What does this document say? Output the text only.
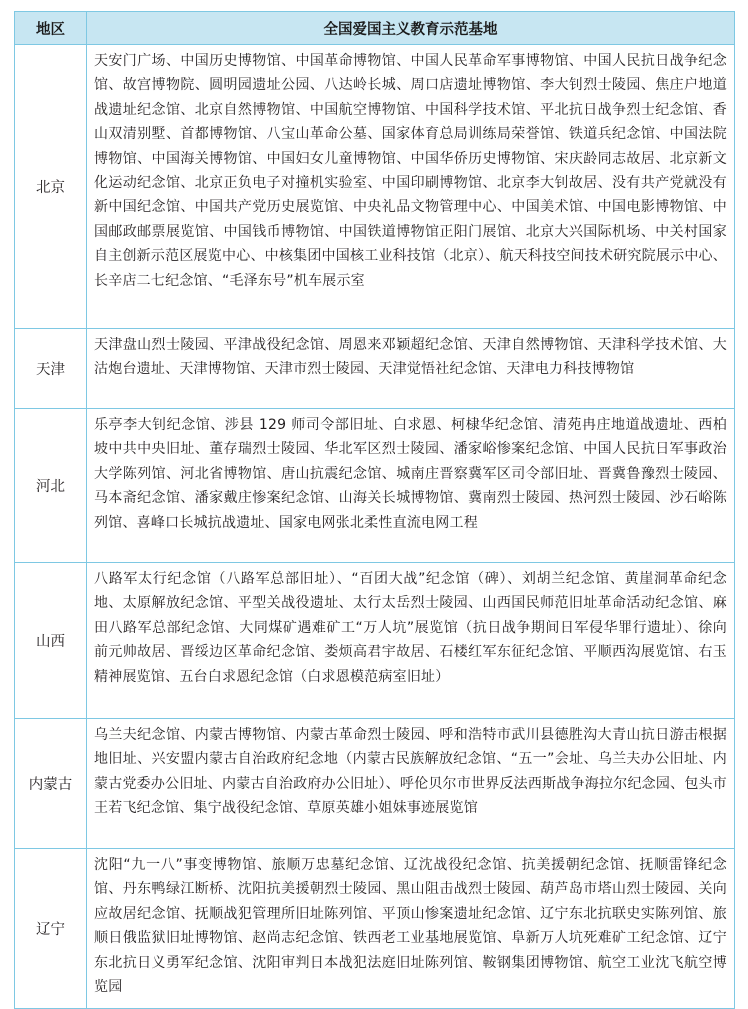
地区	全国爱国主义教育示范基地
北京	天安门广场、中国历史博物馆、中国革命博物馆、中国人民革命军事博物馆、中国人民抗日战争纪念馆、故宫博物院、圆明园遗址公园、八达岭长城、周口店遗址博物馆、李大钊烈士陵园、焦庄户地道战遗址纪念馆、北京自然博物馆、中国航空博物馆、中国科学技术馆、平北抗日战争烈士纪念馆、香山双清别墅、首都博物馆、八宝山革命公墓、国家体育总局训练局荣誉馆、铁道兵纪念馆、中国法院博物馆、中国海关博物馆、中国妇女儿童博物馆、中国华侨历史博物馆、宋庆龄同志故居、北京新文化运动纪念馆、北京正负电子对撞机实验室、中国印刷博物馆、北京李大钊故居、没有共产党就没有新中国纪念馆、中国共产党历史展览馆、中央礼品文物管理中心、中国美术馆、中国电影博物馆、中国邮政邮票展览馆、中国钱币博物馆、中国铁道博物馆正阳门展馆、北京大兴国际机场、中关村国家自主创新示范区展览中心、中核集团中国核工业科技馆（北京）、航天科技空间技术研究院展示中心、长辛店二七纪念馆、“毛泽东号”机车展示室
天津	天津盘山烈士陵园、平津战役纪念馆、周恩来邓颖超纪念馆、天津自然博物馆、天津科学技术馆、大沽炮台遗址、天津博物馆、天津市烈士陵园、天津觉悟社纪念馆、天津电力科技博物馆
河北	乐亭李大钊纪念馆、涉县 129 师司令部旧址、白求恩、柯棣华纪念馆、清苑冉庄地道战遗址、西柏坡中共中央旧址、董存瑞烈士陵园、华北军区烈士陵园、潘家峪惨案纪念馆、中国人民抗日军事政治大学陈列馆、河北省博物馆、唐山抗震纪念馆、城南庄晋察冀军区司令部旧址、晋冀鲁豫烈士陵园、马本斋纪念馆、潘家戴庄惨案纪念馆、山海关长城博物馆、冀南烈士陵园、热河烈士陵园、沙石峪陈列馆、喜峰口长城抗战遗址、国家电网张北柔性直流电网工程
山西	八路军太行纪念馆（八路军总部旧址）、“百团大战”纪念馆（碑）、刘胡兰纪念馆、黄崖洞革命纪念地、太原解放纪念馆、平型关战役遗址、太行太岳烈士陵园、山西国民师范旧址革命活动纪念馆、麻田八路军总部纪念馆、大同煤矿遇难矿工“万人坑”展览馆（抗日战争期间日军侵华罪行遗址）、徐向前元帅故居、晋绥边区革命纪念馆、娄烦高君宇故居、石楼红军东征纪念馆、平顺西沟展览馆、右玉精神展览馆、五台白求恩纪念馆（白求恩模范病室旧址）
内蒙古	乌兰夫纪念馆、内蒙古博物馆、内蒙古革命烈士陵园、呼和浩特市武川县德胜沟大青山抗日游击根据地旧址、兴安盟内蒙古自治政府纪念地（内蒙古民族解放纪念馆、“五一”会址、乌兰夫办公旧址、内蒙古党委办公旧址、内蒙古自治政府办公旧址）、呼伦贝尔市世界反法西斯战争海拉尔纪念园、包头市王若飞纪念馆、集宁战役纪念馆、草原英雄小姐妹事迹展览馆
辽宁	沈阳“九一八”事变博物馆、旅顺万忠墓纪念馆、辽沈战役纪念馆、抗美援朝纪念馆、抚顺雷锋纪念馆、丹东鸭绿江断桥、沈阳抗美援朝烈士陵园、黑山阻击战烈士陵园、葫芦岛市塔山烈士陵园、关向应故居纪念馆、抚顺战犯管理所旧址陈列馆、平顶山惨案遗址纪念馆、辽宁东北抗联史实陈列馆、旅顺日俄监狱旧址博物馆、赵尚志纪念馆、铁西老工业基地展览馆、阜新万人坑死难矿工纪念馆、辽宁东北抗日义勇军纪念馆、沈阳审判日本战犯法庭旧址陈列馆、鞍钢集团博物馆、航空工业沈飞航空博览园
